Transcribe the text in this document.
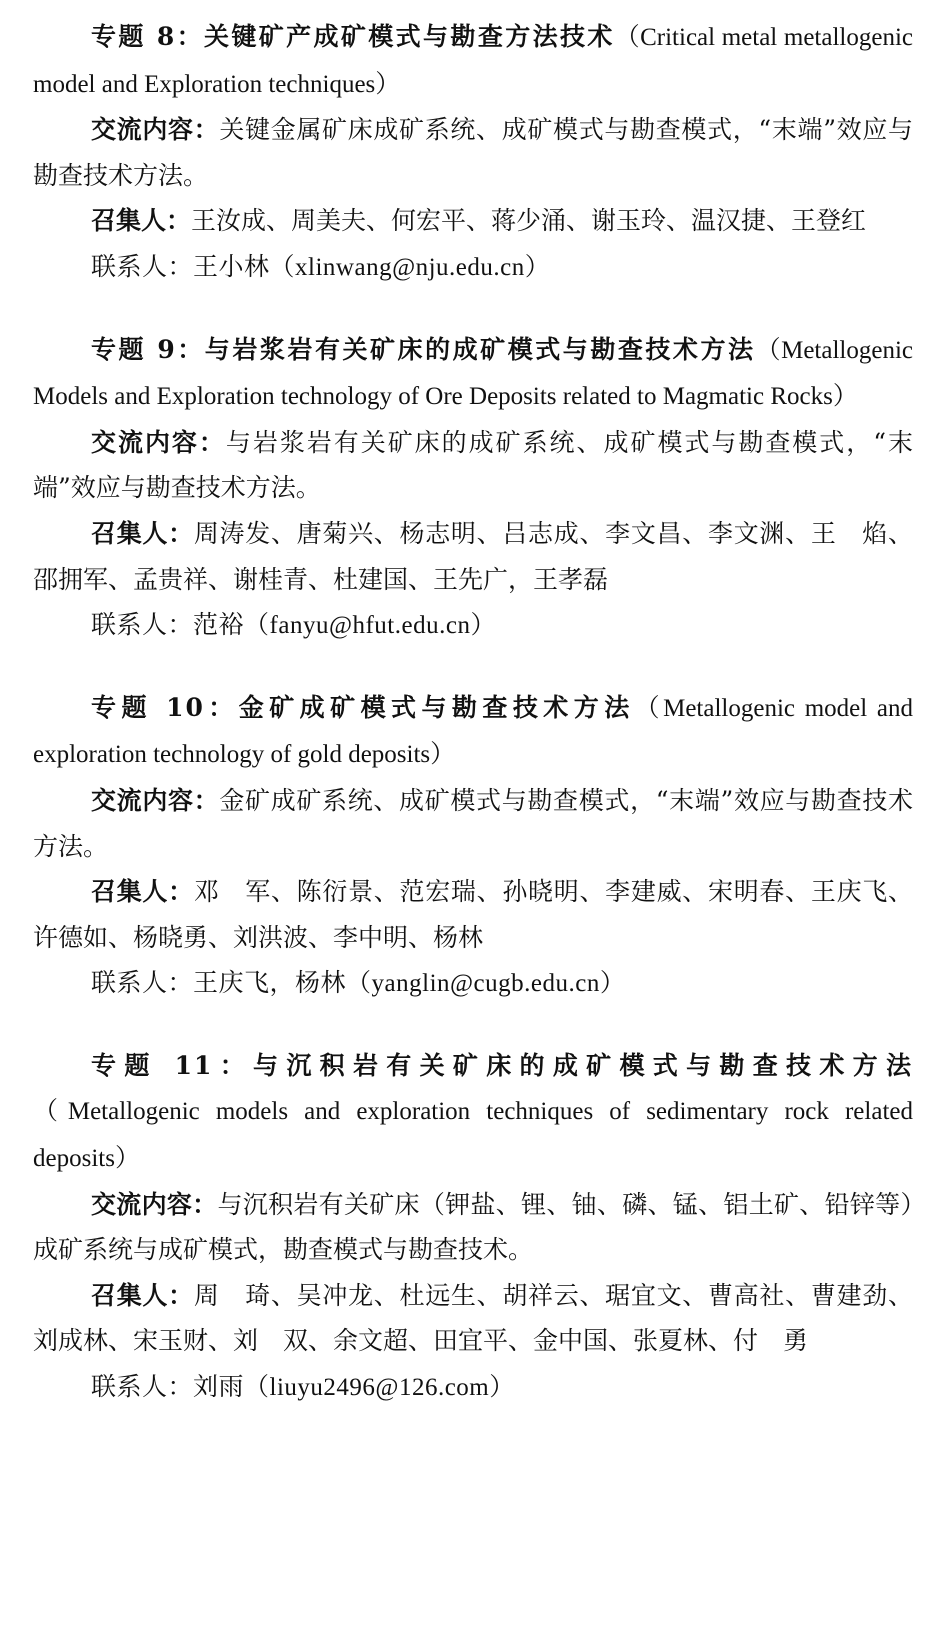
专题 8：关键矿产成矿模式与勘查方法技术（Critical metal metallogenic model and Exploration techniques）

交流内容：关键金属矿床成矿系统、成矿模式与勘查模式，“末端”效应与勘查技术方法。

召集人：王汝成、周美夫、何宏平、蒋少涌、谢玉玲、温汉捷、王登红

联系人：王小林（xlinwang@nju.edu.cn）

专题 9：与岩浆岩有关矿床的成矿模式与勘查技术方法（Metallogenic Models and Exploration technology of Ore Deposits related to Magmatic Rocks）

交流内容：与岩浆岩有关矿床的成矿系统、成矿模式与勘查模式，“末端”效应与勘查技术方法。

召集人：周涛发、唐菊兴、杨志明、吕志成、李文昌、李文渊、王　焰、邵拥军、孟贵祥、谢桂青、杜建国、王先广，王孝磊

联系人：范裕（fanyu@hfut.edu.cn）

专题 10：金矿成矿模式与勘查技术方法（Metallogenic model and exploration technology of gold deposits）

交流内容：金矿成矿系统、成矿模式与勘查模式，“末端”效应与勘查技术方法。

召集人：邓　军、陈衍景、范宏瑞、孙晓明、李建威、宋明春、王庆飞、许德如、杨晓勇、刘洪波、李中明、杨林

联系人：王庆飞，杨林（yanglin@cugb.edu.cn）

专题 11：与沉积岩有关矿床的成矿模式与勘查技术方法（Metallogenic models and exploration techniques of sedimentary rock related deposits）

交流内容：与沉积岩有关矿床（钾盐、锂、铀、磷、锰、铝土矿、铅锌等）成矿系统与成矿模式，勘查模式与勘查技术。

召集人：周　琦、吴冲龙、杜远生、胡祥云、琚宜文、曹高社、曹建劲、刘成林、宋玉财、刘　双、余文超、田宜平、金中国、张夏林、付　勇

联系人：刘雨（liuyu2496@126.com）
